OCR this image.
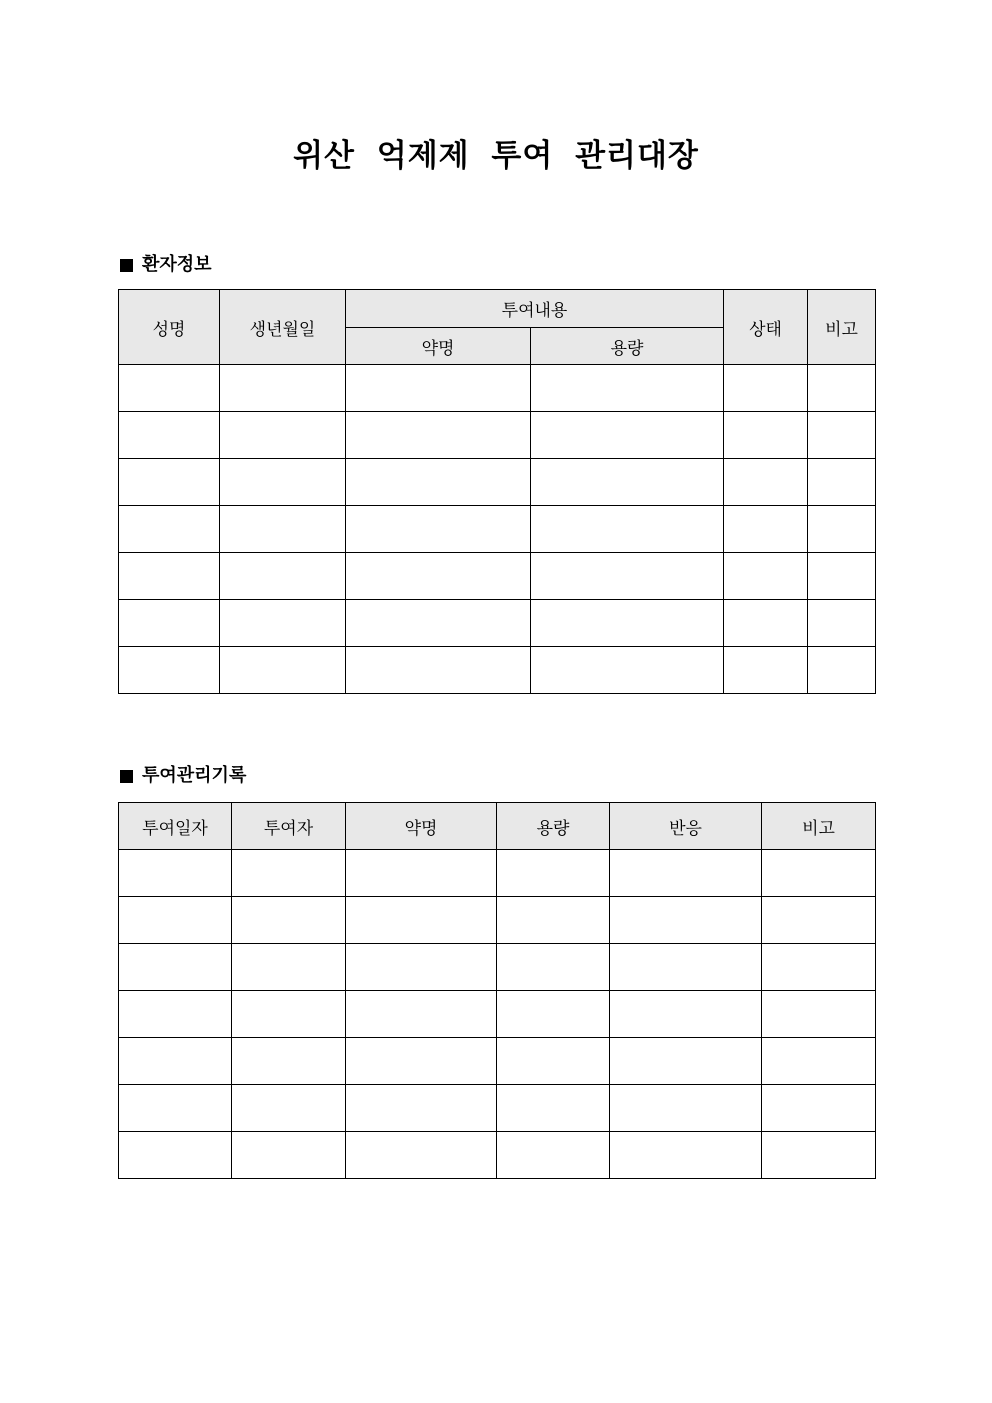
위산 억제제 투여 관리대장
환자정보
성명	생년월일	투여내용		상태	비고
		약명	용량		

투여관리기록
투여일자	투여자	약명	용량	반응	비고
